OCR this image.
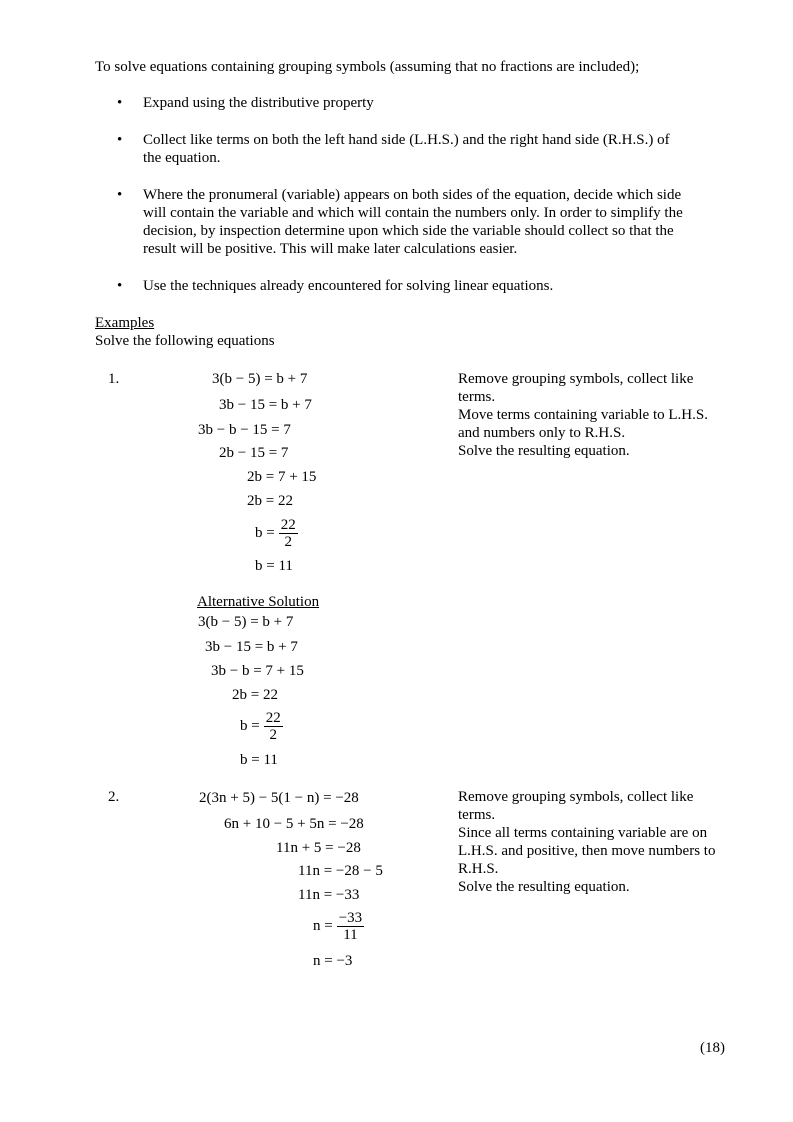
To solve equations containing grouping symbols (assuming that no fractions are included);
• Expand using the distributive property
• Collect like terms on both the left hand side (L.H.S.) and the right hand side (R.H.S.) of
the equation.
• Where the pronumeral (variable) appears on both sides of the equation, decide which side
will contain the variable and which will contain the numbers only. In order to simplify the
decision, by inspection determine upon which side the variable should collect so that the
result will be positive. This will make later calculations easier.
• Use the techniques already encountered for solving linear equations.
Examples
Solve the following equations
1.	3(b − 5) = b + 7
3b − 15 = b + 7
3b − b − 15 = 7
2b − 15 = 7
2b = 7 + 15
2b = 22
$b = \frac{22}{2}$
b = 11
Remove grouping symbols, collect like
terms.
Move terms containing variable to L.H.S.
and numbers only to R.H.S.
Solve the resulting equation.
Alternative Solution
3(b − 5) = b + 7
3b − 15 = b + 7
3b − b = 7 + 15
2b = 22
$b = \frac{22}{2}$
b = 11
2.	2(3n + 5) − 5(1 − n) = −28
6n + 10 − 5 + 5n = −28
11n + 5 = −28
11n = −28 − 5
11n = −33
$n = \frac{-33}{11}$
n = −3
Remove grouping symbols, collect like
terms.
Since all terms containing variable are on
L.H.S. and positive, then move numbers to
R.H.S.
Solve the resulting equation.
(18)
